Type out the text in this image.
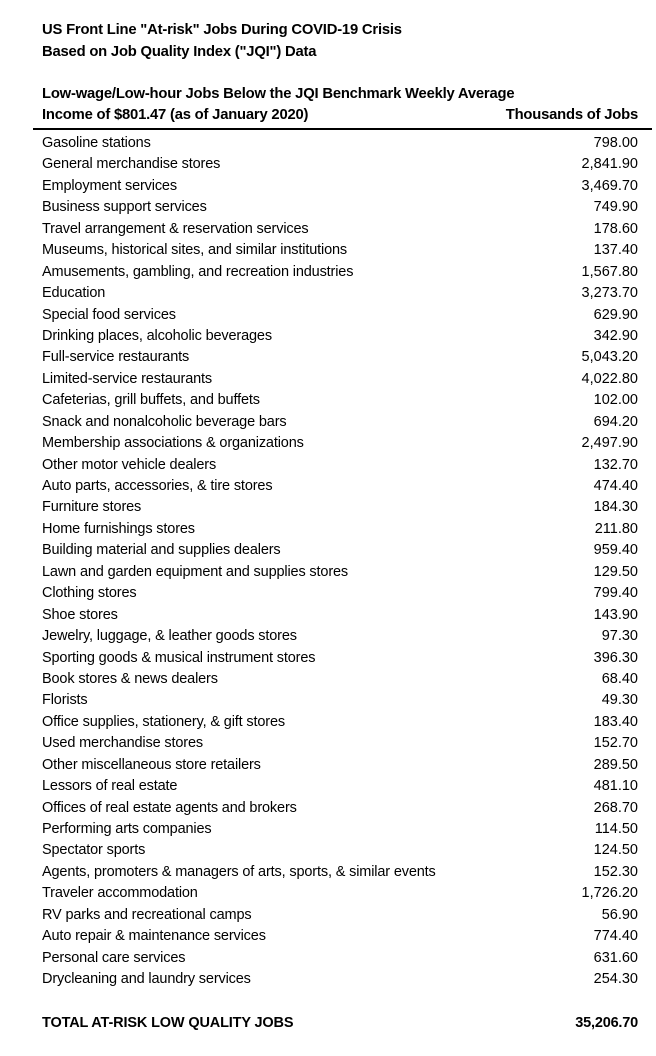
US Front Line "At-risk" Jobs During COVID-19 Crisis
Based on Job Quality Index ("JQI") Data
Low-wage/Low-hour Jobs Below the JQI Benchmark Weekly Average
Income of $801.47 (as of January 2020)	Thousands of Jobs
Gasoline stations	798.00
General merchandise stores	2,841.90
Employment services	3,469.70
Business support services	749.90
Travel arrangement & reservation services	178.60
Museums, historical sites, and similar institutions	137.40
Amusements, gambling, and recreation industries	1,567.80
Education	3,273.70
Special food services	629.90
Drinking places, alcoholic beverages	342.90
Full-service restaurants	5,043.20
Limited-service restaurants	4,022.80
Cafeterias, grill buffets, and buffets	102.00
Snack and nonalcoholic beverage bars	694.20
Membership associations & organizations	2,497.90
Other motor vehicle dealers	132.70
Auto parts, accessories, & tire stores	474.40
Furniture stores	184.30
Home furnishings stores	211.80
Building material and supplies dealers	959.40
Lawn and garden equipment and supplies stores	129.50
Clothing stores	799.40
Shoe stores	143.90
Jewelry, luggage, & leather goods stores	97.30
Sporting goods & musical instrument stores	396.30
Book stores & news dealers	68.40
Florists	49.30
Office supplies, stationery, & gift stores	183.40
Used merchandise stores	152.70
Other miscellaneous store retailers	289.50
Lessors of real estate	481.10
Offices of real estate agents and brokers	268.70
Performing arts companies	114.50
Spectator sports	124.50
Agents, promoters & managers of arts, sports, & similar events	152.30
Traveler accommodation	1,726.20
RV parks and recreational camps	56.90
Auto repair & maintenance services	774.40
Personal care services	631.60
Drycleaning and laundry services	254.30
TOTAL AT-RISK LOW QUALITY JOBS	35,206.70
